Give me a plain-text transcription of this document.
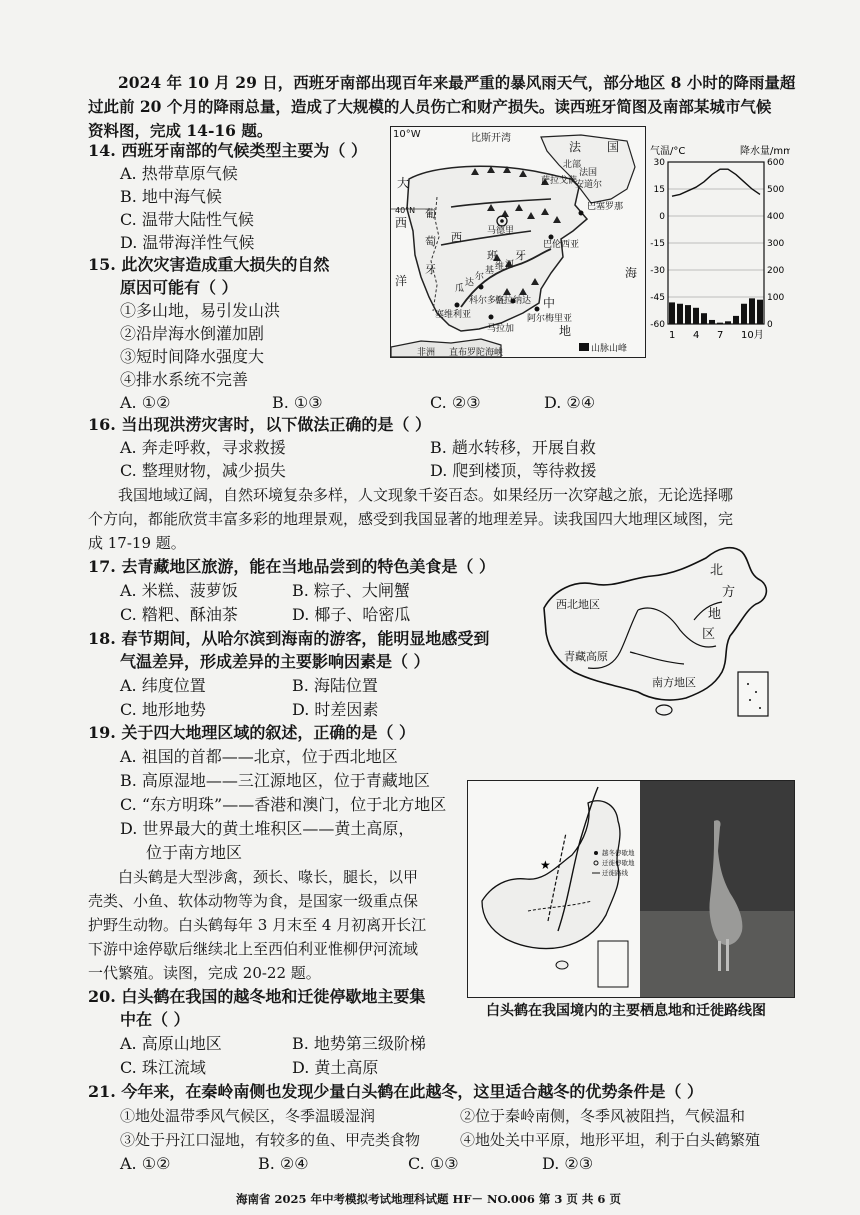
2024 年 10 月 29 日，西班牙南部出现百年来最严重的暴风雨天气，部分地区 8 小时的降雨量超
过此前 20 个月的降雨总量，造成了大规模的人员伤亡和财产损失。读西班牙简图及南部某城市气候
资料图，完成 14-16 题。
14. 西班牙南部的气候类型主要为（ ）
A. 热带草原气候
B. 地中海气候
C. 温带大陆性气候
D. 温带海洋性气候
15. 此次灾害造成重大损失的自然
原因可能有（ ）
①多山地，易引发山洪
②沿岸海水倒灌加剧
③短时间降水强度大
④排水系统不完善
A. ①②	B. ①③	C. ②③	D. ②④
10°W	比斯开湾
法 国
大
西
洋
40°N
西
班 牙
葡
萄
牙
马德里
法国
北部
安道尔
巴塞罗那
萨拉戈萨
巴伦西亚
海
中
地
瓜
达
尔
基 维 河
科尔多瓦
格拉纳达
塞维利亚
马拉加
阿尔梅里亚
非洲 直布罗陀海峡	山脉山峰
气温/°C	降水量/mm
30	600
15	500
0	400
-15	300
-30	200
-45	100
-60	0
1 4 7 10月
16. 当出现洪涝灾害时，以下做法正确的是（ ）
A. 奔走呼救，寻求救援	B. 趟水转移，开展自救
C. 整理财物，减少损失	D. 爬到楼顶，等待救援
我国地域辽阔，自然环境复杂多样，人文现象千姿百态。如果经历一次穿越之旅，无论选择哪
个方向，都能欣赏丰富多彩的地理景观，感受到我国显著的地理差异。读我国四大地理区域图，完
成 17-19 题。
17. 去青藏地区旅游，能在当地品尝到的特色美食是（ ）
A. 米糕、菠萝饭	B. 粽子、大闸蟹
C. 糌粑、酥油茶	D. 椰子、哈密瓜
北
方
地
区
西北地区
青藏高原
南方地区
18. 春节期间，从哈尔滨到海南的游客，能明显地感受到
气温差异，形成差异的主要影响因素是（ ）
A. 纬度位置	B. 海陆位置
C. 地形地势	D. 时差因素
19. 关于四大地理区域的叙述，正确的是（ ）
A. 祖国的首都——北京，位于西北地区
B. 高原湿地——三江源地区，位于青藏地区
C. “东方明珠”——香港和澳门，位于北方地区
D. 世界最大的黄土堆积区——黄土高原，
位于南方地区
白头鹤是大型涉禽，颈长、喙长，腿长，以甲
壳类、小鱼、软体动物等为食，是国家一级重点保
护野生动物。白头鹤每年 3 月末至 4 月初离开长江
下游中途停歇后继续北上至西伯利亚惟柳伊河流域
一代繁殖。读图，完成 20-22 题。
★
越冬停歇地
迁徙停歇地
迁徙路线
白头鹤在我国境内的主要栖息地和迁徙路线图
20. 白头鹤在我国的越冬地和迁徙停歇地主要集
中在（ ）
A. 高原山地区	B. 地势第三级阶梯
C. 珠江流域	D. 黄土高原
21. 今年来，在秦岭南侧也发现少量白头鹤在此越冬，这里适合越冬的优势条件是（ ）
①地处温带季风气候区，冬季温暖湿润	②位于秦岭南侧，冬季风被阻挡，气候温和
③处于丹江口湿地，有较多的鱼、甲壳类食物	④地处关中平原，地形平坦，利于白头鹤繁殖
A. ①②	B. ②④	C. ①③	D. ②③
海南省 2025 年中考模拟考试地理科试题 HF－ NO.006 第 3 页 共 6 页
